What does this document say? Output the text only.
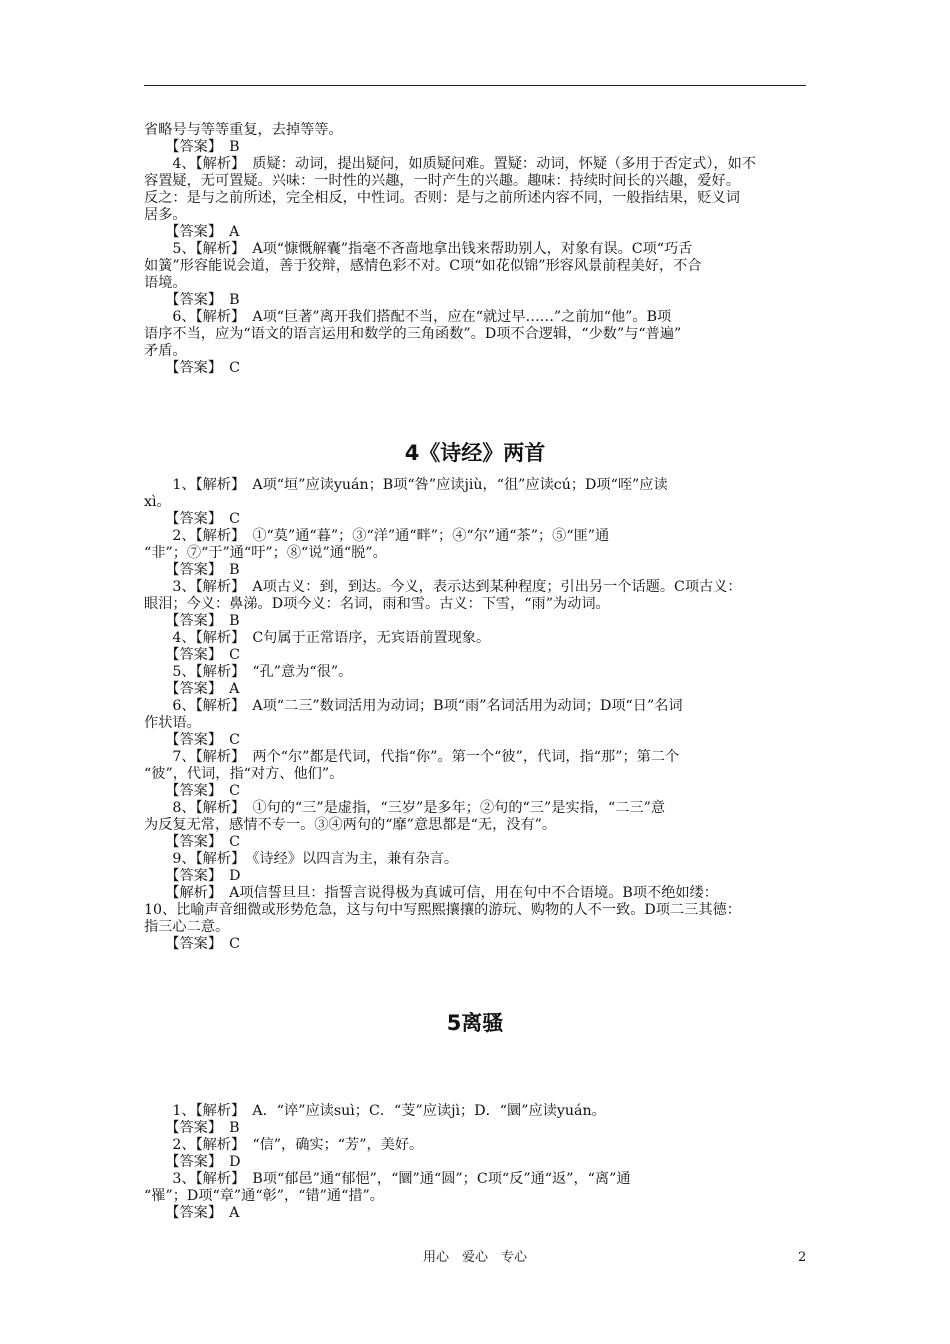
省略号与等等重复，去掉等等。
　　【答案】　B
　　4、【解析】　质疑：动词，提出疑问，如质疑问难。置疑：动词，怀疑（多用于否定式），如不
容置疑，无可置疑。兴味：一时性的兴趣，一时产生的兴趣。趣味：持续时间长的兴趣，爱好。
反之：是与之前所述，完全相反，中性词。否则：是与之前所述内容不同，一般指结果，贬义词
居多。
　　【答案】　A
　　5、【解析】　A项“慷慨解囊”指毫不吝啬地拿出钱来帮助别人，对象有误。C项“巧舌
如簧”形容能说会道，善于狡辩，感情色彩不对。C项“如花似锦”形容风景前程美好，不合
语境。
　　【答案】　B
　　6、【解析】　A项“巨著”离开我们搭配不当，应在“就过早……”之前加“他”。B项
语序不当，应为“语文的语言运用和数学的三角函数”。D项不合逻辑，“少数”与“普遍”
矛盾。
　　【答案】　C
4《诗经》两首
　　1、【解析】　A项“垣”应读yuán；B项“咎”应读jiù，“徂”应读cú；D项“咥”应读
xì。
　　【答案】　C
　　2、【解析】　①“莫”通“暮”；③“洋”通“畔”；④“尔”通“茶”；⑤“匪”通
“非”；⑦“于”通“吁”；⑧“说”通“脱”。
　　【答案】　B
　　3、【解析】　A项古义：到，到达。今义，表示达到某种程度；引出另一个话题。C项古义：
眼泪；今义：鼻涕。D项今义：名词，雨和雪。古义：下雪，“雨”为动词。
　　【答案】　B
　　4、【解析】　C句属于正常语序，无宾语前置现象。
　　【答案】　C
　　5、【解析】　“孔”意为“很”。
　　【答案】　A
　　6、【解析】　A项“二三”数词活用为动词；B项“雨”名词活用为动词；D项“日”名词
作状语。
　　【答案】　C
　　7、【解析】　两个“尔”都是代词，代指“你”。第一个“彼”，代词，指“那”；第二个
“彼”，代词，指“对方、他们”。
　　【答案】　C
　　8、【解析】　①句的“三”是虚指，“三岁”是多年；②句的“三”是实指，“二三”意
为反复无常，感情不专一。③④两句的“靡”意思都是“无，没有”。
　　【答案】　C
　　9、【解析】　《诗经》以四言为主，兼有杂言。
　　【答案】　D
　　【解析】　A项信誓旦旦：指誓言说得极为真诚可信，用在句中不合语境。B项不绝如缕：
10、比喻声音细微或形势危急，这与句中写熙熙攘攘的游玩、购物的人不一致。D项二三其德：
指三心二意。
　　【答案】　C
5离骚
　　1、【解析】　A．“谇”应读suì；C．“芰”应读jì；D．“圜”应读yuán。
　　【答案】　B
　　2、【解析】　“信”，确实；“芳”，美好。
　　【答案】　D
　　3、【解析】　B项“郁邑”通“郁悒”，“圜”通“圆”；C项“反”通“返”，“离”通
“罹”；D项“章”通“彰”，“错”通“措”。
　　【答案】　A
用心　爱心　专心	2
